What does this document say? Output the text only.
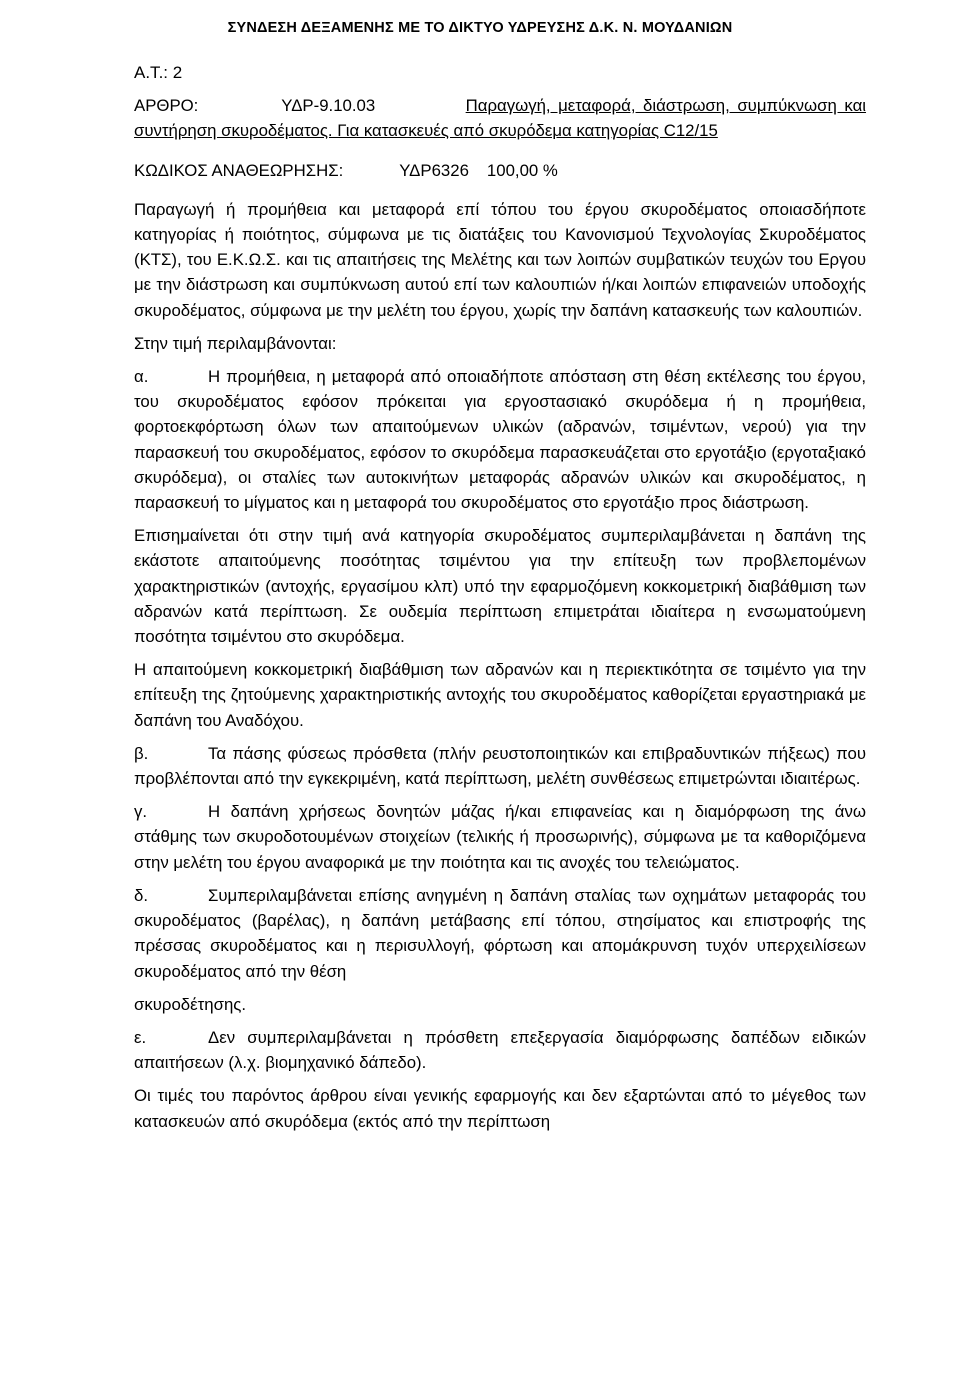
ΣΥΝΔΕΣΗ ΔΕΞΑΜΕΝΗΣ ΜΕ ΤΟ ΔΙΚΤΥΟ ΥΔΡΕΥΣΗΣ Δ.Κ. Ν. ΜΟΥΔΑΝΙΩΝ

Α.Τ.: 2

ΑΡΘΡΟ:	ΥΔΡ-9.10.03	Παραγωγή, μεταφορά, διάστρωση, συμπύκνωση και συντήρηση σκυροδέματος. Για κατασκευές από σκυρόδεμα κατηγορίας C12/15

ΚΩΔΙΚΟΣ ΑΝΑΘΕΩΡΗΣΗΣ:	ΥΔΡ6326 100,00 %

Παραγωγή ή προμήθεια και μεταφορά επί τόπου του έργου σκυροδέματος οποιασδήποτε κατηγορίας ή ποιότητος, σύμφωνα με τις διατάξεις του Κανονισμού Τεχνολογίας Σκυροδέματος (ΚΤΣ), του Ε.Κ.Ω.Σ. και τις απαιτήσεις της Μελέτης και των λοιπών συμβατικών τευχών του Εργου με την διάστρωση και συμπύκνωση αυτού επί των καλουπιών ή/και λοιπών επιφανειών υποδοχής σκυροδέματος, σύμφωνα με την μελέτη του έργου, χωρίς την δαπάνη κατασκευής των καλουπιών.

Στην τιμή περιλαμβάνονται:

α.	Η προμήθεια, η μεταφορά από οποιαδήποτε απόσταση στη θέση εκτέλεσης του έργου, του σκυροδέματος εφόσον πρόκειται για εργοστασιακό σκυρόδεμα ή η προμήθεια, φορτοεκφόρτωση όλων των απαιτούμενων υλικών (αδρανών, τσιμέντων, νερού) για την παρασκευή του σκυροδέματος, εφόσον το σκυρόδεμα παρασκευάζεται στο εργοτάξιο (εργοταξιακό σκυρόδεμα), οι σταλίες των αυτοκινήτων μεταφοράς αδρανών υλικών και σκυροδέματος, η παρασκευή το μίγματος και η μεταφορά του σκυροδέματος στο εργοτάξιο προς διάστρωση.

Επισημαίνεται ότι στην τιμή ανά κατηγορία σκυροδέματος συμπεριλαμβάνεται η δαπάνη της εκάστοτε απαιτούμενης ποσότητας τσιμέντου για την επίτευξη των προβλεπομένων χαρακτηριστικών (αντοχής, εργασίμου κλπ) υπό την εφαρμοζόμενη κοκκομετρική διαβάθμιση των αδρανών κατά περίπτωση. Σε ουδεμία περίπτωση επιμετράται ιδιαίτερα η ενσωματούμενη ποσότητα τσιμέντου στο σκυρόδεμα.

Η απαιτούμενη κοκκομετρική διαβάθμιση των αδρανών και η περιεκτικότητα σε τσιμέντο για την επίτευξη της ζητούμενης χαρακτηριστικής αντοχής του σκυροδέματος καθορίζεται εργαστηριακά με δαπάνη του Αναδόχου.

β.	Τα πάσης φύσεως πρόσθετα (πλήν ρευστοποιητικών και επιβραδυντικών πήξεως) που προβλέπονται από την εγκεκριμένη, κατά περίπτωση, μελέτη συνθέσεως επιμετρώνται ιδιαιτέρως.

γ.	Η δαπάνη χρήσεως δονητών μάζας ή/και επιφανείας και η διαμόρφωση της άνω στάθμης των σκυροδοτουμένων στοιχείων (τελικής ή προσωρινής), σύμφωνα με τα καθοριζόμενα στην μελέτη του έργου αναφορικά με την ποιότητα και τις ανοχές του τελειώματος.

δ.	Συμπεριλαμβάνεται επίσης ανηγμένη η δαπάνη σταλίας των οχημάτων μεταφοράς του σκυροδέματος (βαρέλας), η δαπάνη μετάβασης επί τόπου, στησίματος και επιστροφής της πρέσσας σκυροδέματος και η περισυλλογή, φόρτωση και απομάκρυνση τυχόν υπερχειλίσεων σκυροδέματος από την θέση

σκυροδέτησης.

ε.	Δεν συμπεριλαμβάνεται η πρόσθετη επεξεργασία διαμόρφωσης δαπέδων ειδικών απαιτήσεων (λ.χ. βιομηχανικό δάπεδο).

Οι τιμές του παρόντος άρθρου είναι γενικής εφαρμογής και δεν εξαρτώνται από το μέγεθος των κατασκευών από σκυρόδεμα (εκτός από την περίπτωση
